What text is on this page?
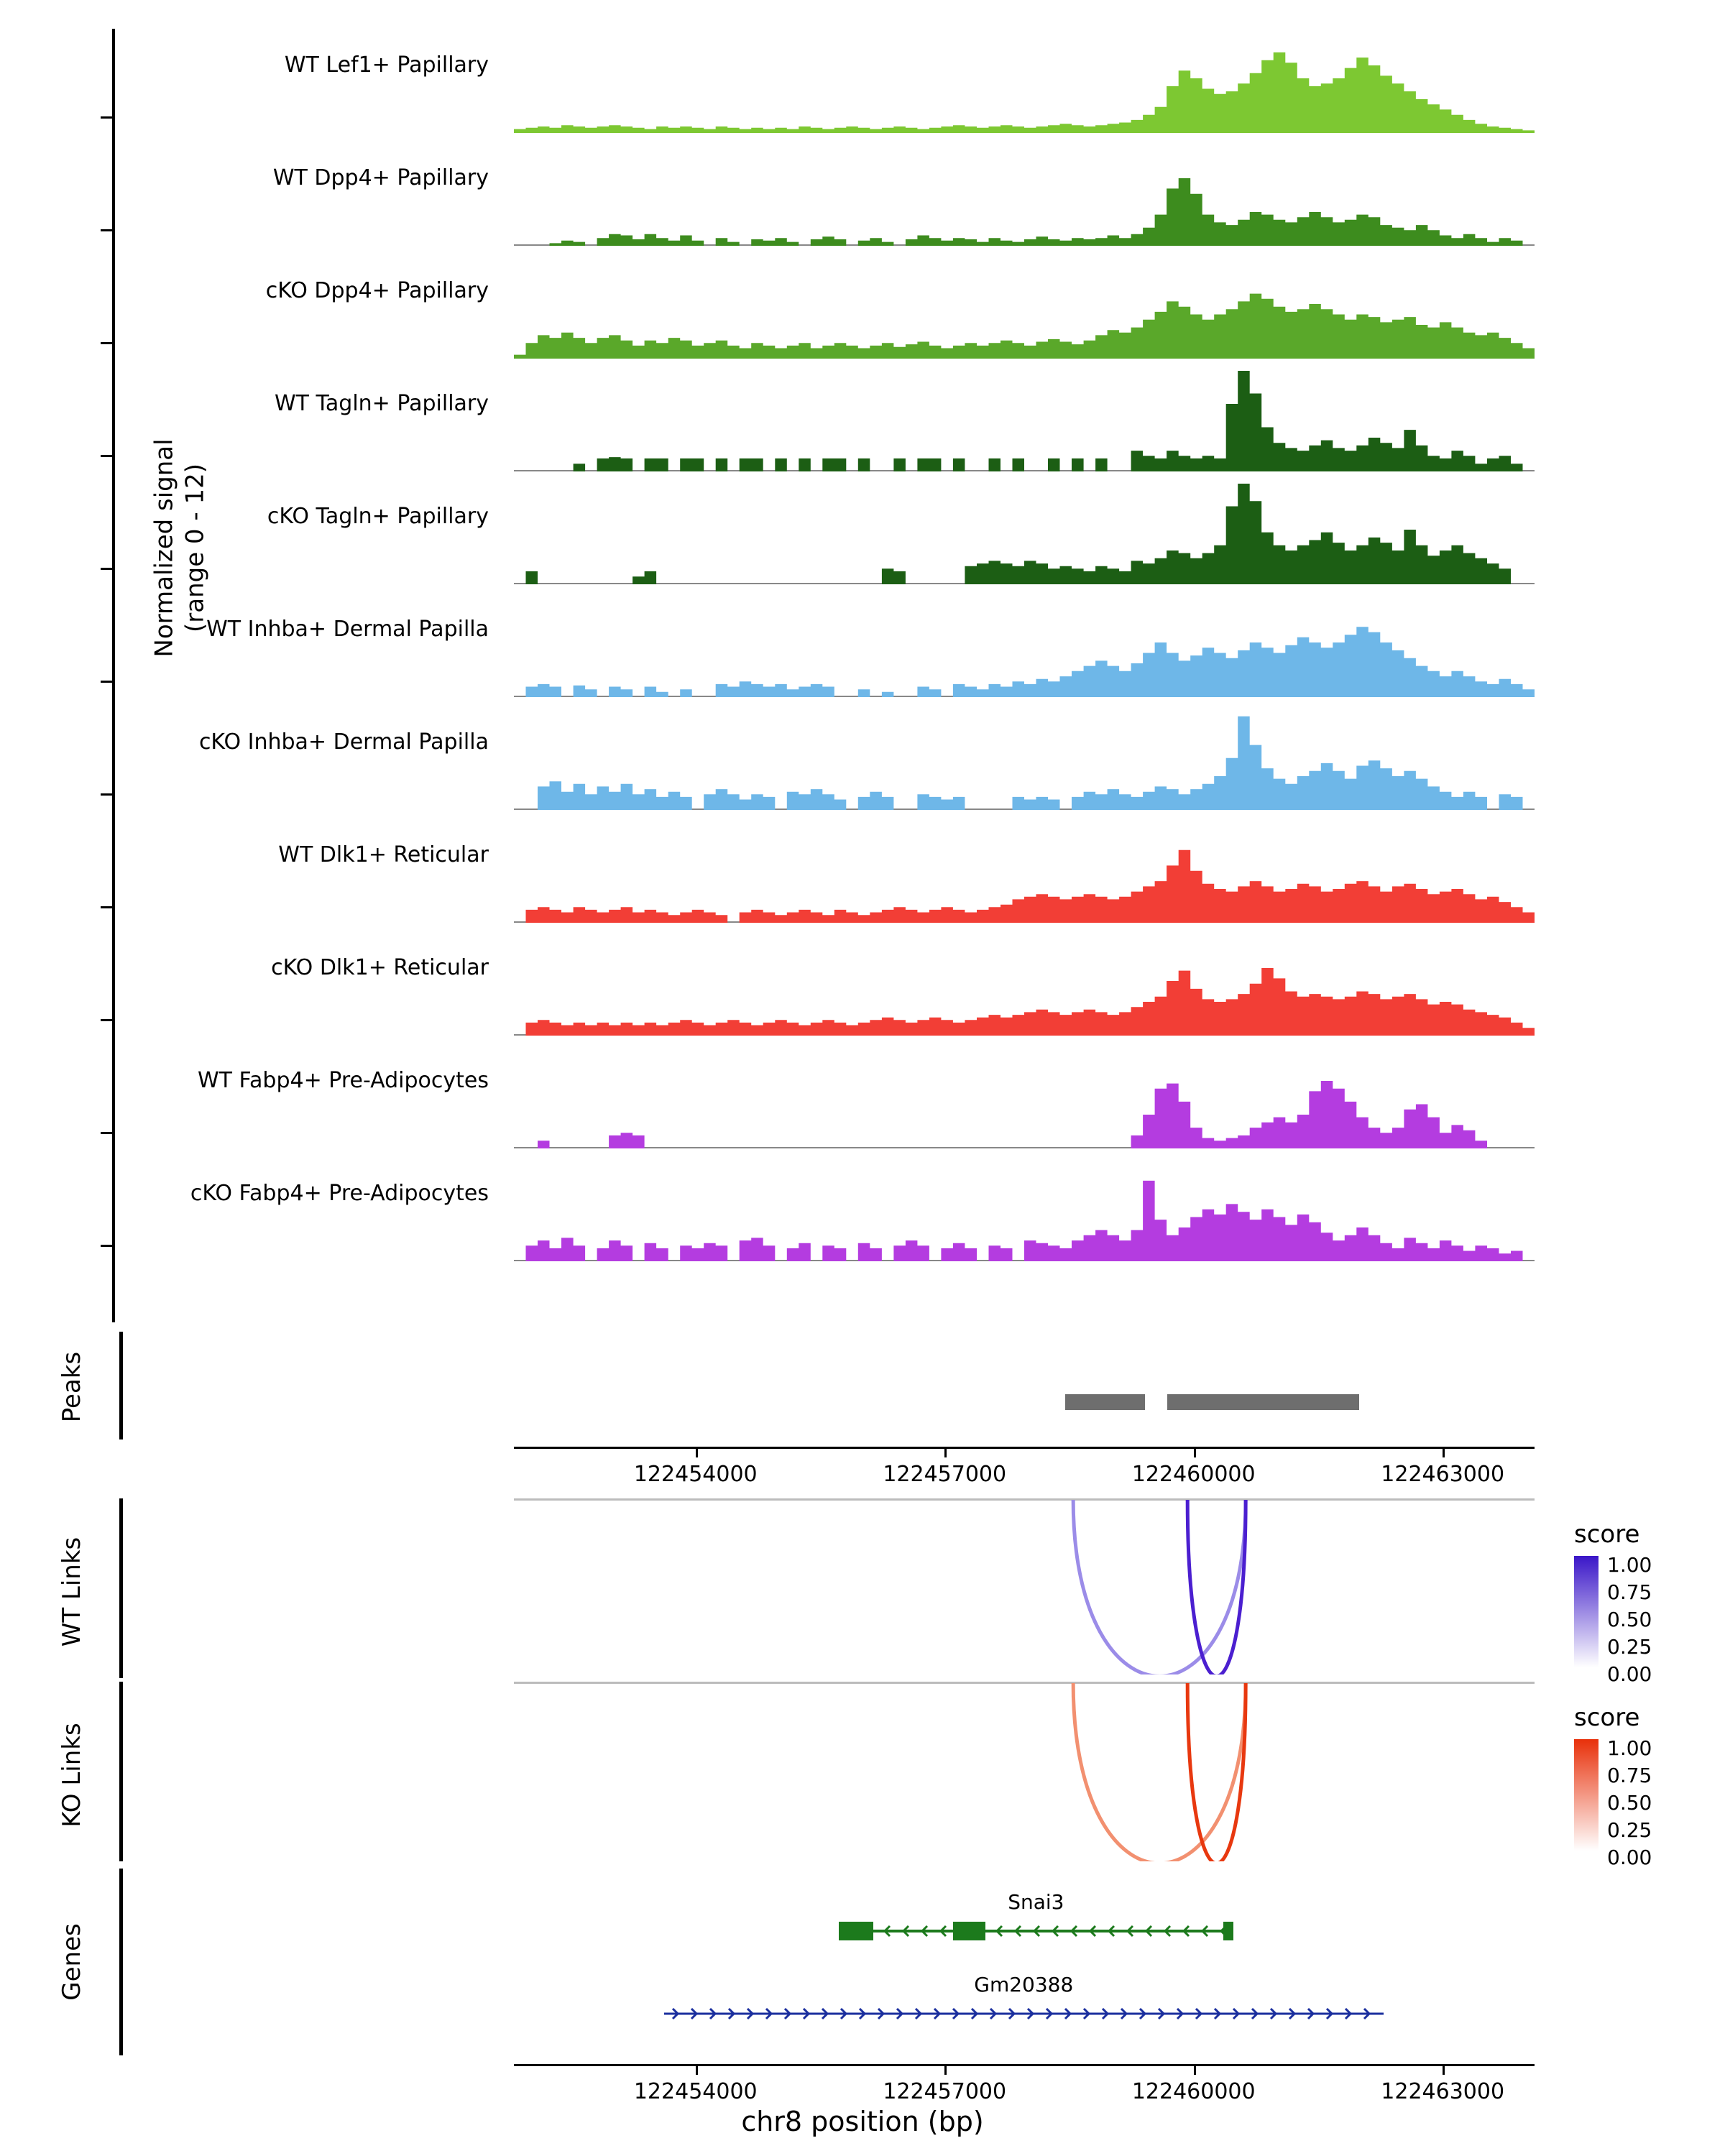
Normalized signal (range 0 - 12)
WT Lef1+ Papillary
WT Dpp4+ Papillary
cKO Dpp4+ Papillary
WT Tagln+ Papillary
cKO Tagln+ Papillary
WT Inhba+ Dermal Papilla
cKO Inhba+ Dermal Papilla
WT Dlk1+ Reticular
cKO Dlk1+ Reticular
WT Fabp4+ Pre-Adipocytes
cKO Fabp4+ Pre-Adipocytes
Peaks
122454000	122457000	122460000	122463000
WT Links
score
1.00
0.75
0.50
0.25
0.00
KO Links
score
1.00
0.75
0.50
0.25
0.00
Genes
Snai3
Gm20388
122454000	122457000	122460000	122463000
chr8 position (bp)
